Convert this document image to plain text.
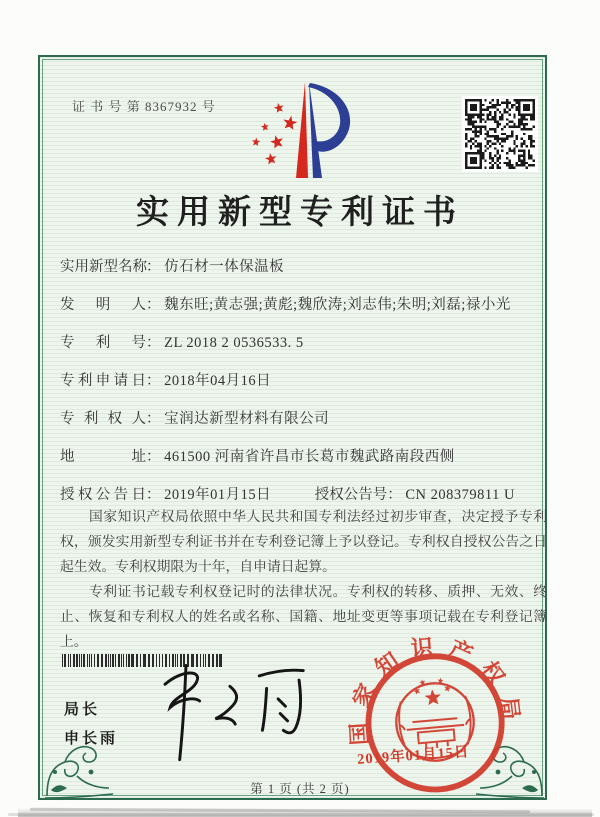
证 书 号 第 8367932 号
实用新型专利证书
实用新型名称： 仿石材一体保温板
发明人： 魏东旺;黄志强;黄彪;魏欣涛;刘志伟;朱明;刘磊;禄小光
专利号： ZL 2018 2 0536533. 5
专利申请日： 2018年04月16日
专利权人： 宝润达新型材料有限公司
地址： 461500 河南省许昌市长葛市魏武路南段西侧
授权公告日： 2019年01月15日	授权公告号： CN 208379811 U

国家知识产权局依照中华人民共和国专利法经过初步审查，决定授予专利权，颁发实用新型专利证书并在专利登记簿上予以登记。专利权自授权公告之日起生效。专利权期限为十年，自申请日起算。

专利证书记载专利权登记时的法律状况。专利权的转移、质押、无效、终止、恢复和专利权人的姓名或名称、国籍、地址变更等事项记载在专利登记簿上。

局长
申长雨	国家知识产权局
2019年01月15日
第 1 页 (共 2 页)
